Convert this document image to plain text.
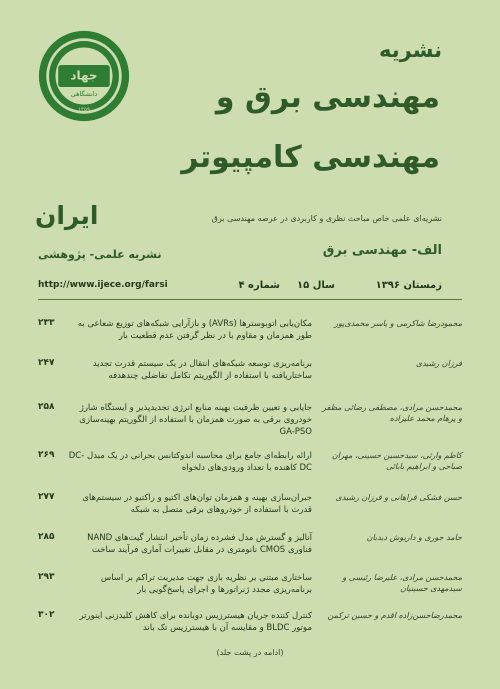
جهاد
دانشگاهی
۱۳۵۹
نشریه
مهندسی برق و
مهندسی کامپیوتر
ایران	نشریه‌ای علمی خاص مباحث نظری و کاربردی در عرصه مهندسی برق
الف- مهندسی برق
نشریه علمی- پژوهشی
زمستان ۱۳۹۶
سال ۱۵
شماره ۴
http://www.ijece.org/farsi
محمودرضا شاکرمی و یاسر محمدی‌پور
مکان‌یابی اتوبوسترها (AVRs) و بازآرایی شبکه‌های توزیع شعاعی به طور همزمان و مقاوم با در نظر گرفتن عدم قطعیت بار
۲۳۳
فرزان رشیدی
برنامه‌ریزی توسعه شبکه‌های انتقال در یک سیستم قدرت تجدید ساختاریافته با استفاده از الگوریتم تکامل تفاضلی چندهدفه
۲۴۷
محمدحسن مرادی، مصطفی رضائی مظفر و پرهام محمد علیزاده
جایابی و تعیین ظرفیت بهینه منابع انرژی تجدیدپذیر و ایستگاه شارژ خودروی برقی به صورت همزمان با استفاده از الگوریتم بهینه‌سازی GA-PSO
۲۵۸
کاظم وارثی، سیدحسین حسینی، مهران صباحی و ابراهیم بابائی
ارائه رابطه‌ای جامع برای محاسبه اندوکتانس بحرانی در یک مبدل DC-DC کاهنده با تعداد ورودی‌های دلخواه
۲۶۹
حسن فشکی فراهانی و فرزان رشیدی
جبران‌سازی بهینه و همزمان توان‌های اکتیو و راکتیو در سیستم‌های قدرت با استفاده از خودروهای برقی متصل به شبکه
۲۷۷
حامد جوری و داریوش دیدبان
آنالیز و گسترش مدل فشرده زمان تأخیر انتشار گیت‌های NAND فناوری CMOS نانومتری در مقابل تغییرات آماری فرآیند ساخت
۲۸۵
محمدحسن مرادی، علیرضا رئیسی و سیدمهدی حسینیان
ساختاری مبتنی بر نظریه بازی جهت مدیریت تراکم بر اساس برنامه‌ریزی مجدد ژنراتورها و اجرای پاسخ‌گویی بار
۲۹۳
محمدرضا‌حسن‌زاده اقدم و حسین ترکمن
کنترل کننده جریان هیسترزیس دوبانده برای کاهش کلیدزنی اینورتر موتور BLDC و مقایسه آن با هیسترزیس تک باند
۳۰۲
(ادامه در پشت جلد)
